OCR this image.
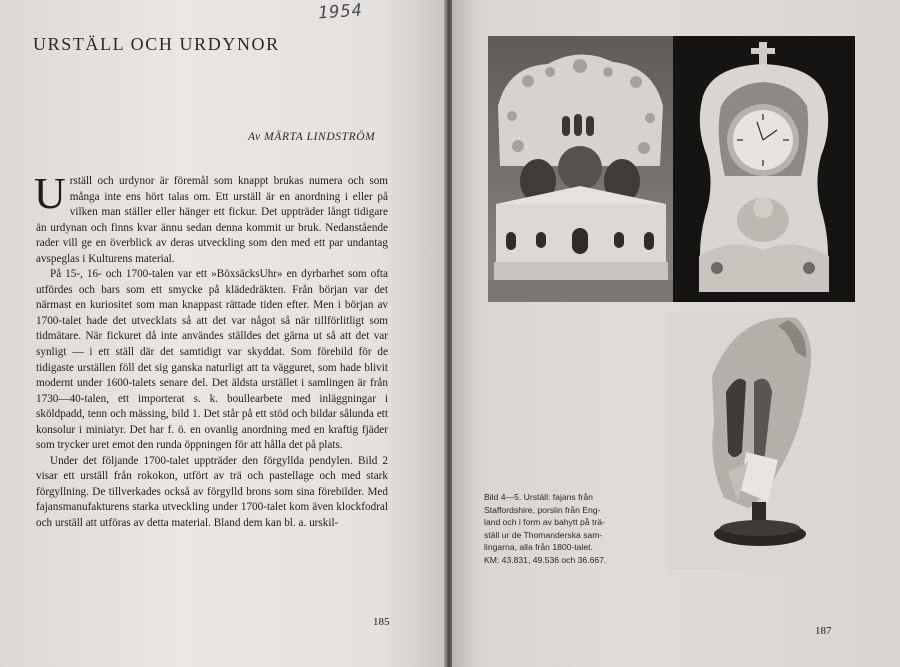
1954
URSTÄLL OCH URDYNOR
Av MÄRTA LINDSTRÖM

Urställ och urdynor är föremål som knappt brukas numera och som många inte ens hört talas om. Ett urställ är en anordning i eller på vilken man ställer eller hänger ett fickur. Det uppträder långt tidigare än urdynan och finns kvar ännu sedan denna kommit ur bruk. Nedanstående rader vill ge en överblick av deras utveckling som den med ett par undantag avspeglas i Kulturens material.

På 15-, 16- och 1700-talen var ett »BöxsäcksUhr» en dyrbarhet som ofta utfördes och bars som ett smycke på klädedräkten. Från början var det närmast en kuriositet som man knappast rättade tiden efter. Men i början av 1700-talet hade det utvecklats så att det var något så när tillförlitligt som tidmätare. När fickuret då inte användes ställdes det gärna ut så att det var synligt — i ett ställ där det samtidigt var skyddat. Som förebild för de tidigaste urställen föll det sig ganska naturligt att ta vägguret, som hade blivit modernt under 1600-talets senare del. Det äldsta urstället i samlingen är från 1730—40-talen, ett importerat s. k. boullearbete med inläggningar i sköldpadd, tenn och mässing, bild 1. Det står på ett stöd och bildar sålunda ett konsolur i miniatyr. Det har f. ö. en ovanlig anordning med en kraftig fjäder som trycker uret emot den runda öppningen för att hålla det på plats.

Under det följande 1700-talet uppträder den förgyllda pendylen. Bild 2 visar ett urställ från rokokon, utfört av trä och pastellage och med stark förgyllning. De tillverkades också av förgylld brons som sina förebilder. Med fajansmanufakturens starka utveckling under 1700-talet kom även klockfodral och urställ att utföras av detta material. Bland dem kan bl. a. urskil-

185
Bild 4—5. Urställ: fajans från
Staffordshire, porslin från Eng-
land och i form av bahytt på trä-
ställ ur de Thomanderska sam-
lingarna, alla från 1800-talet.
KM: 43.831, 49.536 och 36.667.
187
